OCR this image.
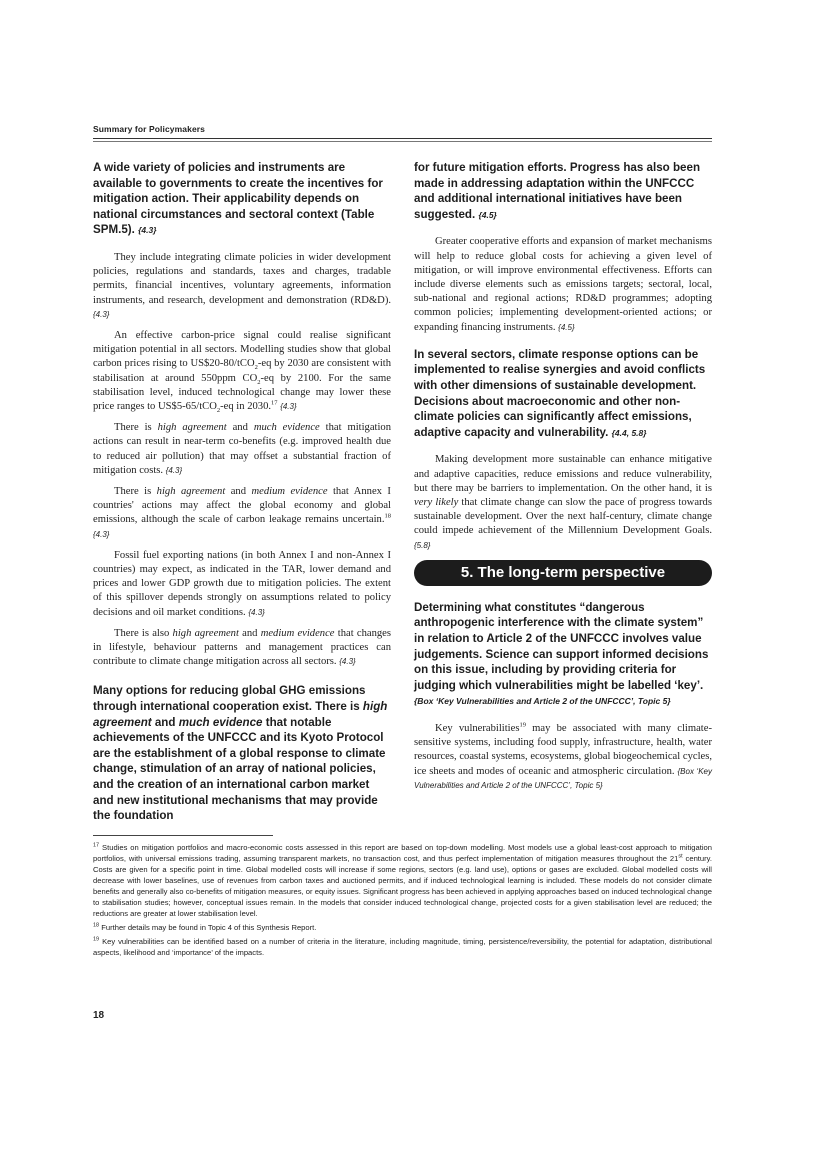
Summary for Policymakers

A wide variety of policies and instruments are available to governments to create the incentives for mitigation action. Their applicability depends on national circumstances and sectoral context (Table SPM.5). {4.3}

They include integrating climate policies in wider development policies, regulations and standards, taxes and charges, tradable permits, financial incentives, voluntary agreements, information instruments, and research, development and demonstration (RD&D). {4.3}

An effective carbon-price signal could realise significant mitigation potential in all sectors. Modelling studies show that global carbon prices rising to US$20-80/tCO$_2$-eq by 2030 are consistent with stabilisation at around 550ppm $CO_2-eq$ by 2100. For the same stabilisation level, induced technological change may lower these price ranges to US$5-65/tCO$_2$-eq in 2030.17 {4.3}

There is high agreement and much evidence that mitigation actions can result in near-term co-benefits (e.g. improved health due to reduced air pollution) that may offset a substantial fraction of mitigation costs. {4.3}

There is high agreement and medium evidence that Annex I countries' actions may affect the global economy and global emissions, although the scale of carbon leakage remains uncertain.$^{18}$ {4.3}

Fossil fuel exporting nations (in both Annex I and non-Annex I countries) may expect, as indicated in the TAR, lower demand and prices and lower GDP growth due to mitigation policies. The extent of this spillover depends strongly on assumptions related to policy decisions and oil market conditions. {4.3}

There is also high agreement and medium evidence that changes in lifestyle, behaviour patterns and management practices can contribute to climate change mitigation across all sectors. {4.3}

Many options for reducing global GHG emissions through international cooperation exist. There is high agreement and much evidence that notable achievements of the UNFCCC and its Kyoto Protocol are the establishment of a global response to climate change, stimulation of an array of national policies, and the creation of an international carbon market and new institutional mechanisms that may provide the foundation

for future mitigation efforts. Progress has also been made in addressing adaptation within the UNFCCC and additional international initiatives have been suggested. {4.5}

Greater cooperative efforts and expansion of market mechanisms will help to reduce global costs for achieving a given level of mitigation, or will improve environmental effectiveness. Efforts can include diverse elements such as emissions targets; sectoral, local, sub-national and regional actions; RD&D programmes; adopting common policies; implementing development-oriented actions; or expanding financing instruments. {4.5}

In several sectors, climate response options can be implemented to realise synergies and avoid conflicts with other dimensions of sustainable development. Decisions about macroeconomic and other non-climate policies can significantly affect emissions, adaptive capacity and vulnerability. {4.4, 5.8}

Making development more sustainable can enhance mitigative and adaptive capacities, reduce emissions and reduce vulnerability, but there may be barriers to implementation. On the other hand, it is very likely that climate change can slow the pace of progress towards sustainable development. Over the next half-century, climate change could impede achievement of the Millennium Development Goals. {5.8}

5. The long-term perspective

Determining what constitutes “dangerous anthropogenic interference with the climate system” in relation to Article 2 of the UNFCCC involves value judgements. Science can support informed decisions on this issue, including by providing criteria for judging which vulnerabilities might be labelled ‘key’. {Box ‘Key Vulnerabilities and Article 2 of the UNFCCC’, Topic 5}

Key vulnerabilities$^{19}$ may be associated with many climate-sensitive systems, including food supply, infrastructure, health, water resources, coastal systems, ecosystems, global biogeochemical cycles, ice sheets and modes of oceanic and atmospheric circulation. {Box ‘Key Vulnerabilities and Article 2 of the UNFCCC’, Topic 5}

$^{17}$ Studies on mitigation portfolios and macro-economic costs assessed in this report are based on top-down modelling. Most models use a global least-cost approach to mitigation portfolios, with universal emissions trading, assuming transparent markets, no transaction cost, and thus perfect implementation of mitigation measures throughout the 21st century. Costs are given for a specific point in time. Global modelled costs will increase if some regions, sectors (e.g. land use), options or gases are excluded. Global modelled costs will decrease with lower baselines, use of revenues from carbon taxes and auctioned permits, and if induced technological learning is included. These models do not consider climate benefits and generally also co-benefits of mitigation measures, or equity issues. Significant progress has been achieved in applying approaches based on induced technological change to stabilisation studies; however, conceptual issues remain. In the models that consider induced technological change, projected costs for a given stabilisation level are reduced; the reductions are greater at lower stabilisation level.

$^{18}$ Further details may be found in Topic 4 of this Synthesis Report.

$^{19}$ Key vulnerabilities can be identified based on a number of criteria in the literature, including magnitude, timing, persistence/reversibility, the potential for adaptation, distributional aspects, likelihood and ‘importance’ of the impacts.

18
